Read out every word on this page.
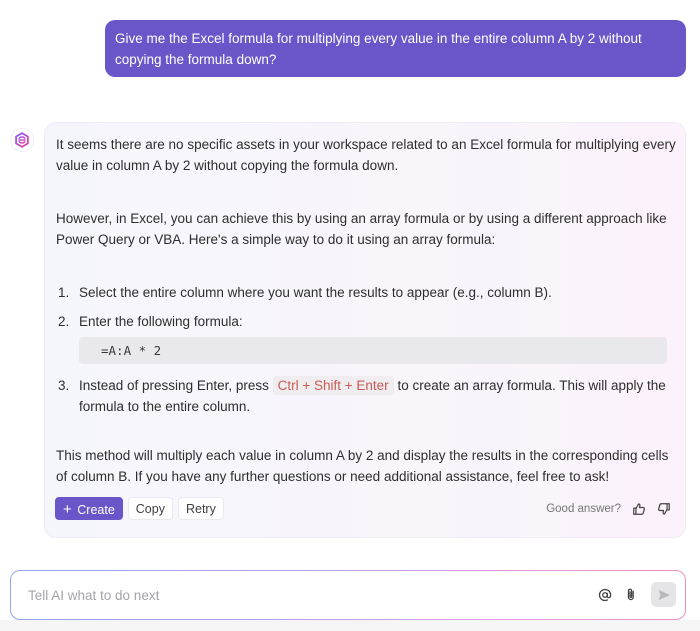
Give me the Excel formula for multiplying every value in the entire column A by 2 without copying the formula down?

It seems there are no specific assets in your workspace related to an Excel formula for multiplying every value in column A by 2 without copying the formula down.

However, in Excel, you can achieve this by using an array formula or by using a different approach like Power Query or VBA. Here's a simple way to do it using an array formula:

1. Select the entire column where you want the results to appear (e.g., column B).
2. Enter the following formula:
3. Instead of pressing Enter, press Ctrl + Shift + Enter to create an array formula. This will apply the formula to the entire column.
=A:A * 2

This method will multiply each value in column A by 2 and display the results in the corresponding cells of column B. If you have any further questions or need additional assistance, feel free to ask!

+ Create	Copy	Retry	Good answer?
Tell AI what to do next
